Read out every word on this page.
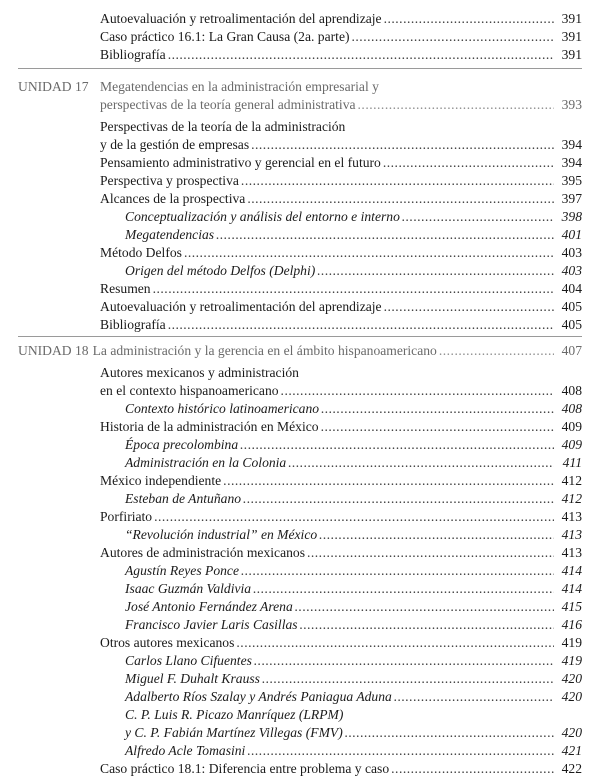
Autoevaluación y retroalimentación del aprendizaje .....	391
Caso práctico 16.1: La Gran Causa (2a. parte) .....	391
Bibliografía .....	391
UNIDAD 17 Megatendencias en la administración empresarial y
perspectivas de la teoría general administrativa .....	393
Perspectivas de la teoría de la administración
y de la gestión de empresas .....	394
Pensamiento administrativo y gerencial en el futuro .....	394
Perspectiva y prospectiva .....	395
Alcances de la prospectiva .....	397
Conceptualización y análisis del entorno e interno .....	398
Megatendencias .....	401
Método Delfos .....	403
Origen del método Delfos (Delphi) .....	403
Resumen .....	404
Autoevaluación y retroalimentación del aprendizaje .....	405
Bibliografía .....	405
UNIDAD 18 La administración y la gerencia en el ámbito hispanoamericano .....	407
Autores mexicanos y administración
en el contexto hispanoamericano .....	408
Contexto histórico latinoamericano .....	408
Historia de la administración en México .....	409
Época precolombina .....	409
Administración en la Colonia .....	411
México independiente .....	412
Esteban de Antuñano .....	412
Porfiriato .....	413
“Revolución industrial” en México .....	413
Autores de administración mexicanos .....	413
Agustín Reyes Ponce .....	414
Isaac Guzmán Valdivia .....	414
José Antonio Fernández Arena .....	415
Francisco Javier Laris Casillas .....	416
Otros autores mexicanos .....	419
Carlos Llano Cifuentes .....	419
Miguel F. Duhalt Krauss .....	420
Adalberto Ríos Szalay y Andrés Paniagua Aduna .....	420
C. P. Luis R. Picazo Manríquez (LRPM)
y C. P. Fabián Martínez Villegas (FMV) .....	420
Alfredo Acle Tomasini .....	421
Caso práctico 18.1: Diferencia entre problema y caso .....	422
